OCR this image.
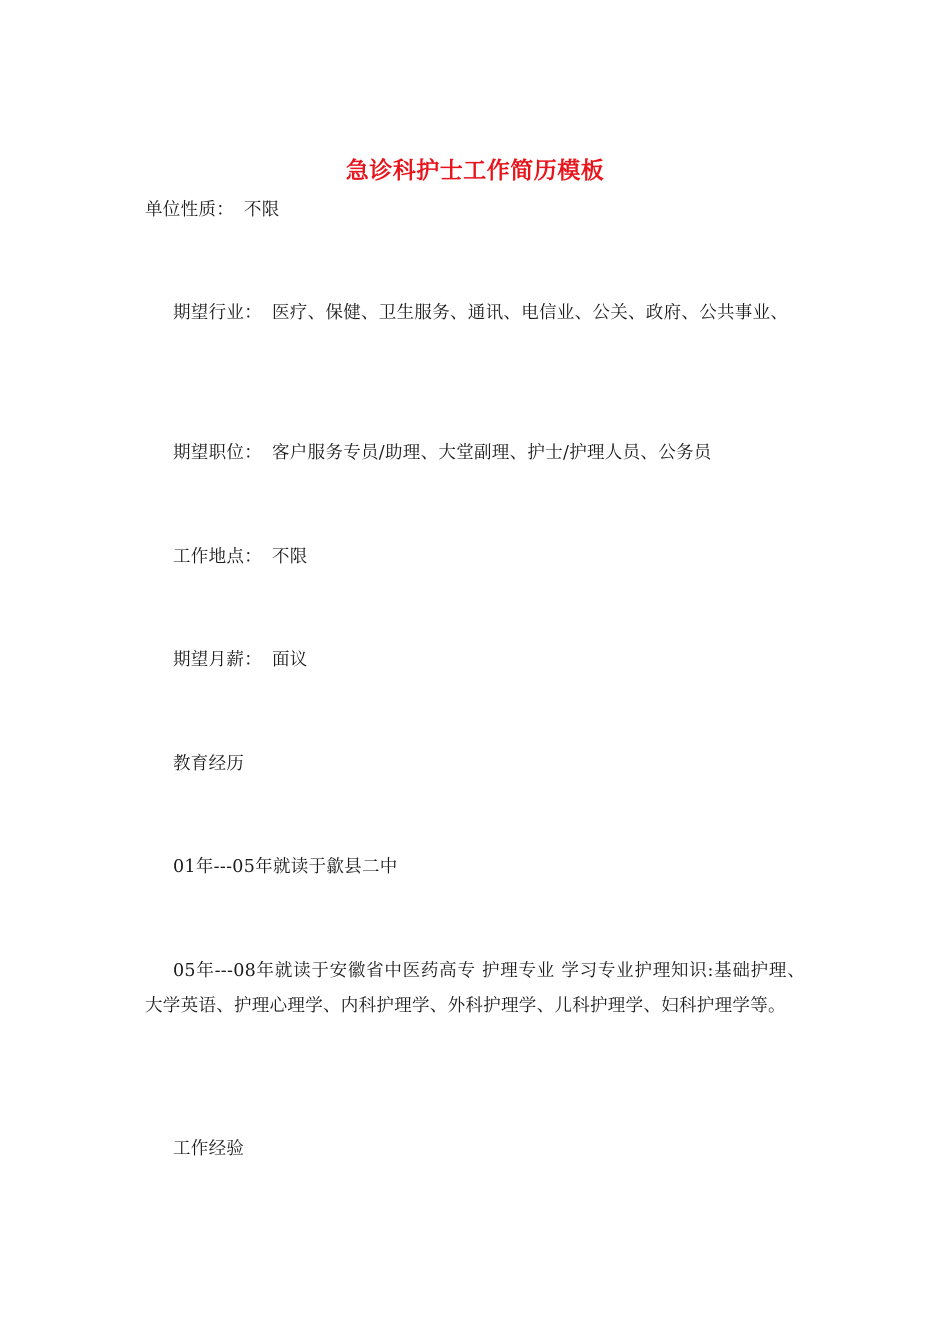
急诊科护士工作简历模板
单位性质： 不限
期望行业： 医疗、保健、卫生服务、通讯、电信业、公关、政府、公共事业、
期望职位： 客户服务专员/助理、大堂副理、护士/护理人员、公务员
工作地点： 不限
期望月薪： 面议
教育经历
01年---05年就读于歙县二中
05年---08年就读于安徽省中医药高专 护理专业 学习专业护理知识:基础护理、大学英语、护理心理学、内科护理学、外科护理学、儿科护理学、妇科护理学等。
工作经验
